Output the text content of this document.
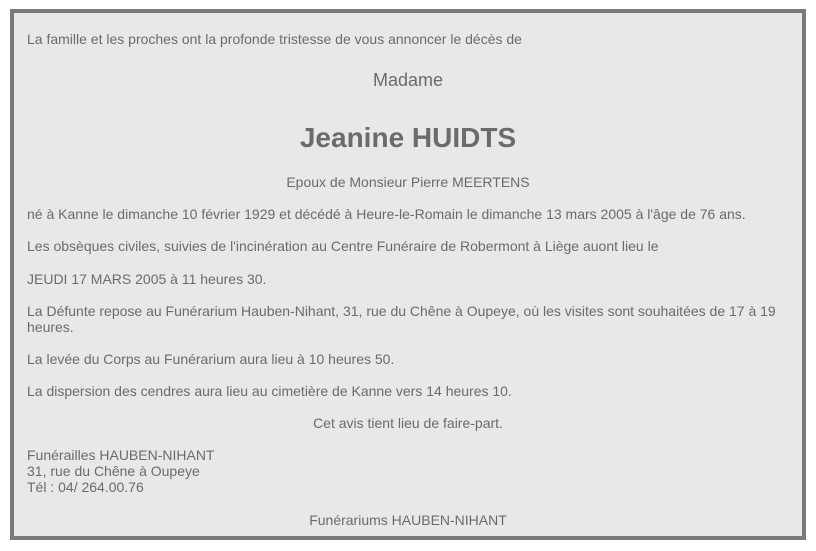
La famille et les proches ont la profonde tristesse de vous annoncer le décès de

Madame

Jeanine HUIDTS

Epoux de Monsieur Pierre MEERTENS

né à Kanne le dimanche 10 février 1929 et décédé à Heure-le-Romain le dimanche 13 mars 2005 à l'âge de 76 ans.

Les obsèques civiles, suivies de l'incinération au Centre Funéraire de Robermont à Liège auont lieu le

JEUDI 17 MARS 2005 à 11 heures 30.

La Défunte repose au Funérarium Hauben-Nihant, 31, rue du Chêne à Oupeye, où les visites sont souhaitées de 17 à 19 heures.

La levée du Corps au Funérarium aura lieu à 10 heures 50.

La dispersion des cendres aura lieu au cimetière de Kanne vers 14 heures 10.

Cet avis tient lieu de faire-part.

Funérailles HAUBEN-NIHANT
31, rue du Chêne à Oupeye
Tél : 04/ 264.00.76

Funérariums HAUBEN-NIHANT
